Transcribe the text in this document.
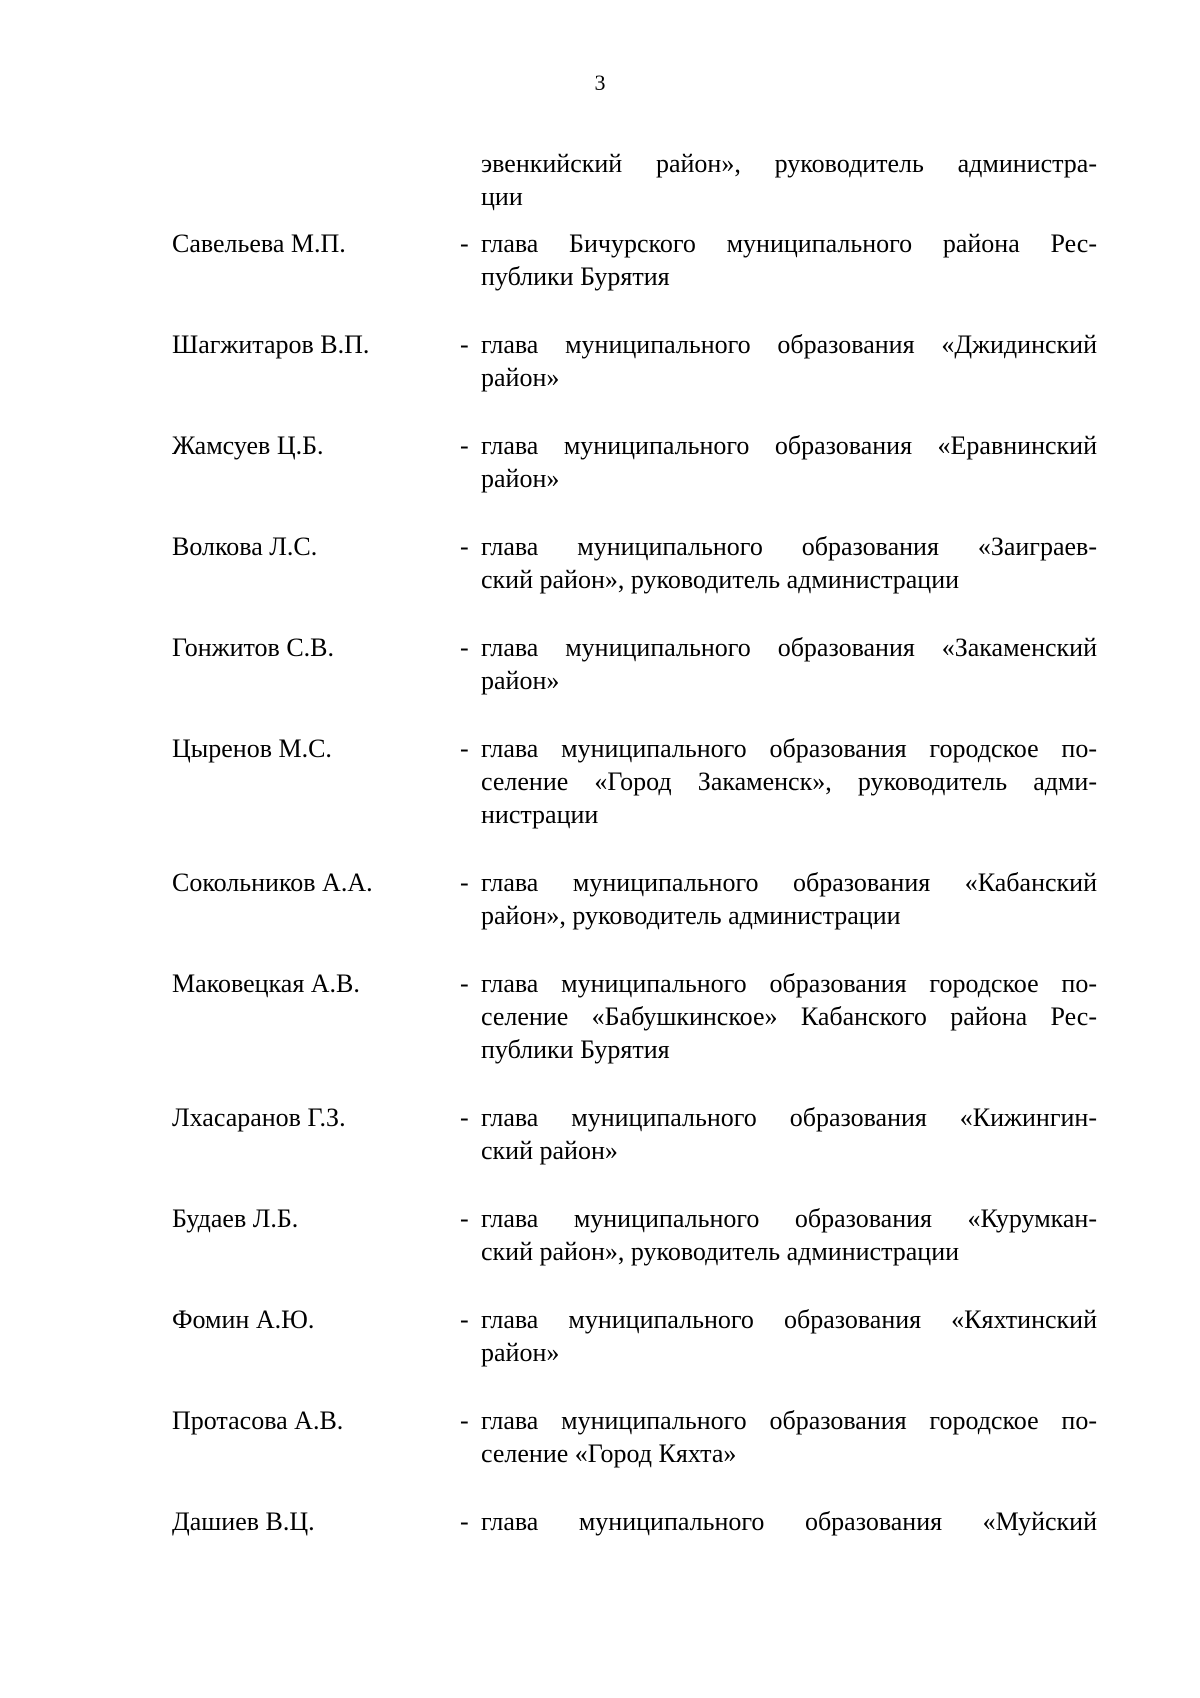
3
эвенкийский район», руководитель администра-
ции
Савельева М.П.	- глава Бичурского муниципального района Рес-
публики Бурятия
Шагжитаров В.П.	- глава муниципального образования «Джидинский
район»
Жамсуев Ц.Б.	- глава муниципального образования «Еравнинский
район»
Волкова Л.С.	- глава муниципального образования «Заиграев-
ский район», руководитель администрации
Гонжитов С.В.	- глава муниципального образования «Закаменский
район»
Цыренов М.С.	- глава муниципального образования городское по-
селение «Город Закаменск», руководитель адми-
нистрации
Сокольников А.А.	- глава муниципального образования «Кабанский
район», руководитель администрации
Маковецкая А.В.	- глава муниципального образования городское по-
селение «Бабушкинское» Кабанского района Рес-
публики Бурятия
Лхасаранов Г.З.	- глава муниципального образования «Кижингин-
ский район»
Будаев Л.Б.	- глава муниципального образования «Курумкан-
ский район», руководитель администрации
Фомин А.Ю.	- глава муниципального образования «Кяхтинский
район»
Протасова А.В.	- глава муниципального образования городское по-
селение «Город Кяхта»
Дашиев В.Ц.	- глава муниципального образования «Муйский
